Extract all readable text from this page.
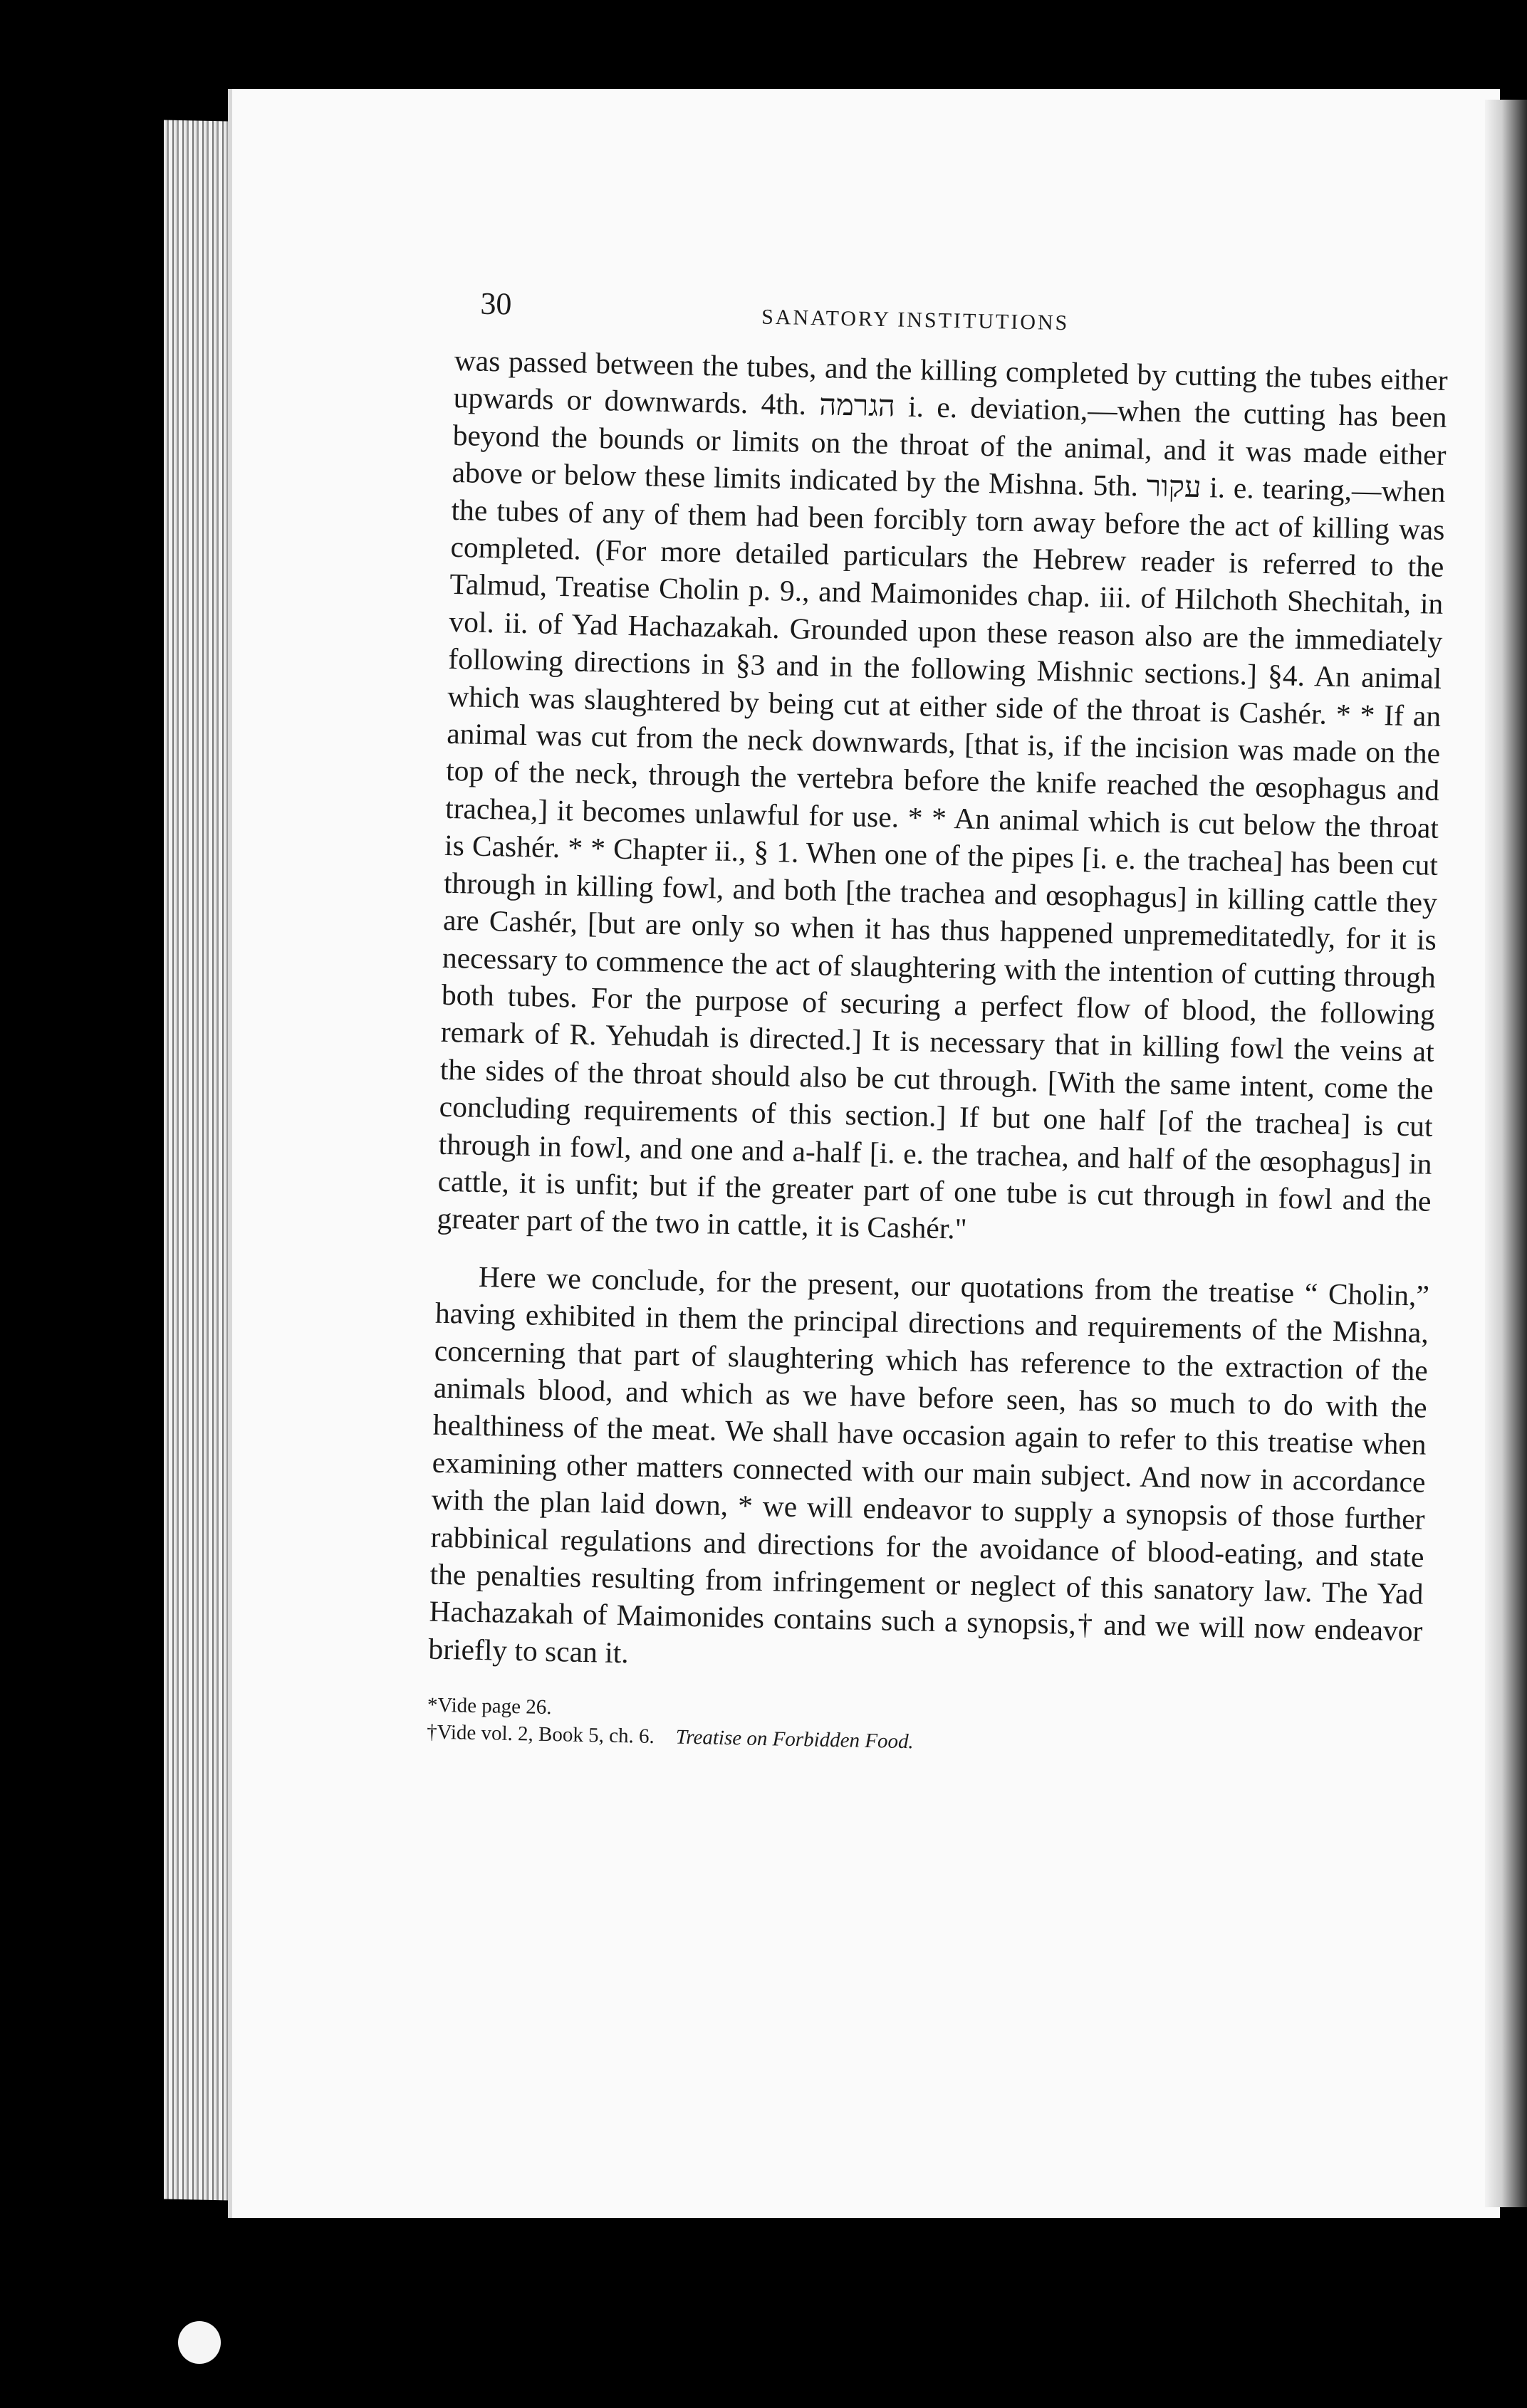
30	SANATORY INSTITUTIONS

was passed between the tubes, and the killing completed by cutting the tubes either upwards or downwards. 4th. הגרמה i. e. deviation,—when the cutting has been beyond the bounds or limits on the throat of the animal, and it was made either above or below these limits indicated by the Mishna. 5th. עקור i. e. tearing,—when the tubes of any of them had been forcibly torn away before the act of killing was completed. (For more detailed particulars the Hebrew reader is referred to the Talmud, Treatise Cholin p. 9., and Maimonides chap. iii. of Hilchoth Shechitah, in vol. ii. of Yad Hachazakah. Grounded upon these reason also are the immediately following directions in §3 and in the following Mishnic sections.] §4. An animal which was slaughtered by being cut at either side of the throat is Cashér. * * If an animal was cut from the neck downwards, [that is, if the incision was made on the top of the neck, through the vertebra before the knife reached the œsophagus and trachea,] it becomes unlawful for use. * * An animal which is cut below the throat is Cashér. * * Chapter ii., § 1. When one of the pipes [i. e. the trachea] has been cut through in killing fowl, and both [the trachea and œsophagus] in killing cattle they are Cashér, [but are only so when it has thus happened unpremeditatedly, for it is necessary to commence the act of slaughtering with the intention of cutting through both tubes. For the purpose of securing a perfect flow of blood, the following remark of R. Yehudah is directed.] It is necessary that in killing fowl the veins at the sides of the throat should also be cut through. [With the same intent, come the concluding requirements of this section.] If but one half [of the trachea] is cut through in fowl, and one and a-half [i. e. the trachea, and half of the œsophagus] in cattle, it is unfit; but if the greater part of one tube is cut through in fowl and the greater part of the two in cattle, it is Cashér."

Here we conclude, for the present, our quotations from the treatise “ Cholin,” having exhibited in them the principal directions and requirements of the Mishna, concerning that part of slaughtering which has reference to the extraction of the animals blood, and which as we have before seen, has so much to do with the healthiness of the meat. We shall have occasion again to refer to this treatise when examining other matters connected with our main subject. And now in accordance with the plan laid down, * we will endeavor to supply a synopsis of those further rabbinical regulations and directions for the avoidance of blood-eating, and state the penalties resulting from infringement or neglect of this sanatory law. The Yad Hachazakah of Maimonides contains such a synopsis,† and we will now endeavor briefly to scan it.

*Vide page 26.
†Vide vol. 2, Book 5, ch. 6. Treatise on Forbidden Food.
